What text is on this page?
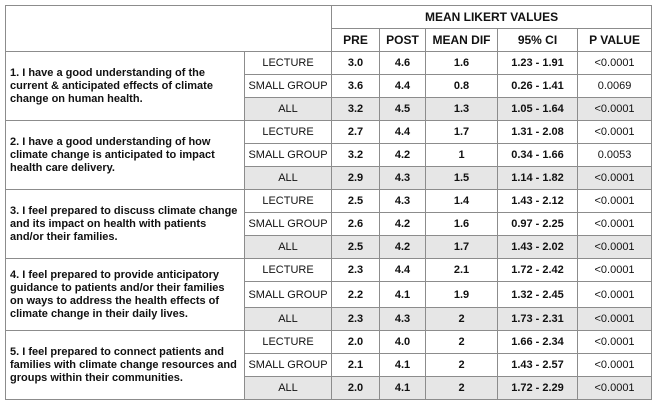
		MEAN LIKERT VALUES				
		PRE	POST	MEAN DIF	95% CI	P VALUE
1. I have a good understanding of the current & anticipated effects of climate change on human health.	LECTURE	3.0	4.6	1.6	1.23 - 1.91	<0.0001
	SMALL GROUP	3.6	4.4	0.8	0.26 - 1.41	0.0069
	ALL	3.2	4.5	1.3	1.05 - 1.64	<0.0001
2. I have a good understanding of how climate change is anticipated to impact health care delivery.	LECTURE	2.7	4.4	1.7	1.31 - 2.08	<0.0001
	SMALL GROUP	3.2	4.2	1	0.34 - 1.66	0.0053
	ALL	2.9	4.3	1.5	1.14 - 1.82	<0.0001
3. I feel prepared to discuss climate change and its impact on health with patients and/or their families.	LECTURE	2.5	4.3	1.4	1.43 - 2.12	<0.0001
	SMALL GROUP	2.6	4.2	1.6	0.97 - 2.25	<0.0001
	ALL	2.5	4.2	1.7	1.43 - 2.02	<0.0001
4. I feel prepared to provide anticipatory guidance to patients and/or their families on ways to address the health effects of climate change in their daily lives.	LECTURE	2.3	4.4	2.1	1.72 - 2.42	<0.0001
	SMALL GROUP	2.2	4.1	1.9	1.32 - 2.45	<0.0001
	ALL	2.3	4.3	2	1.73 - 2.31	<0.0001
5. I feel prepared to connect patients and families with climate change resources and groups within their communities.	LECTURE	2.0	4.0	2	1.66 - 2.34	<0.0001
	SMALL GROUP	2.1	4.1	2	1.43 - 2.57	<0.0001
	ALL	2.0	4.1	2	1.72 - 2.29	<0.0001
